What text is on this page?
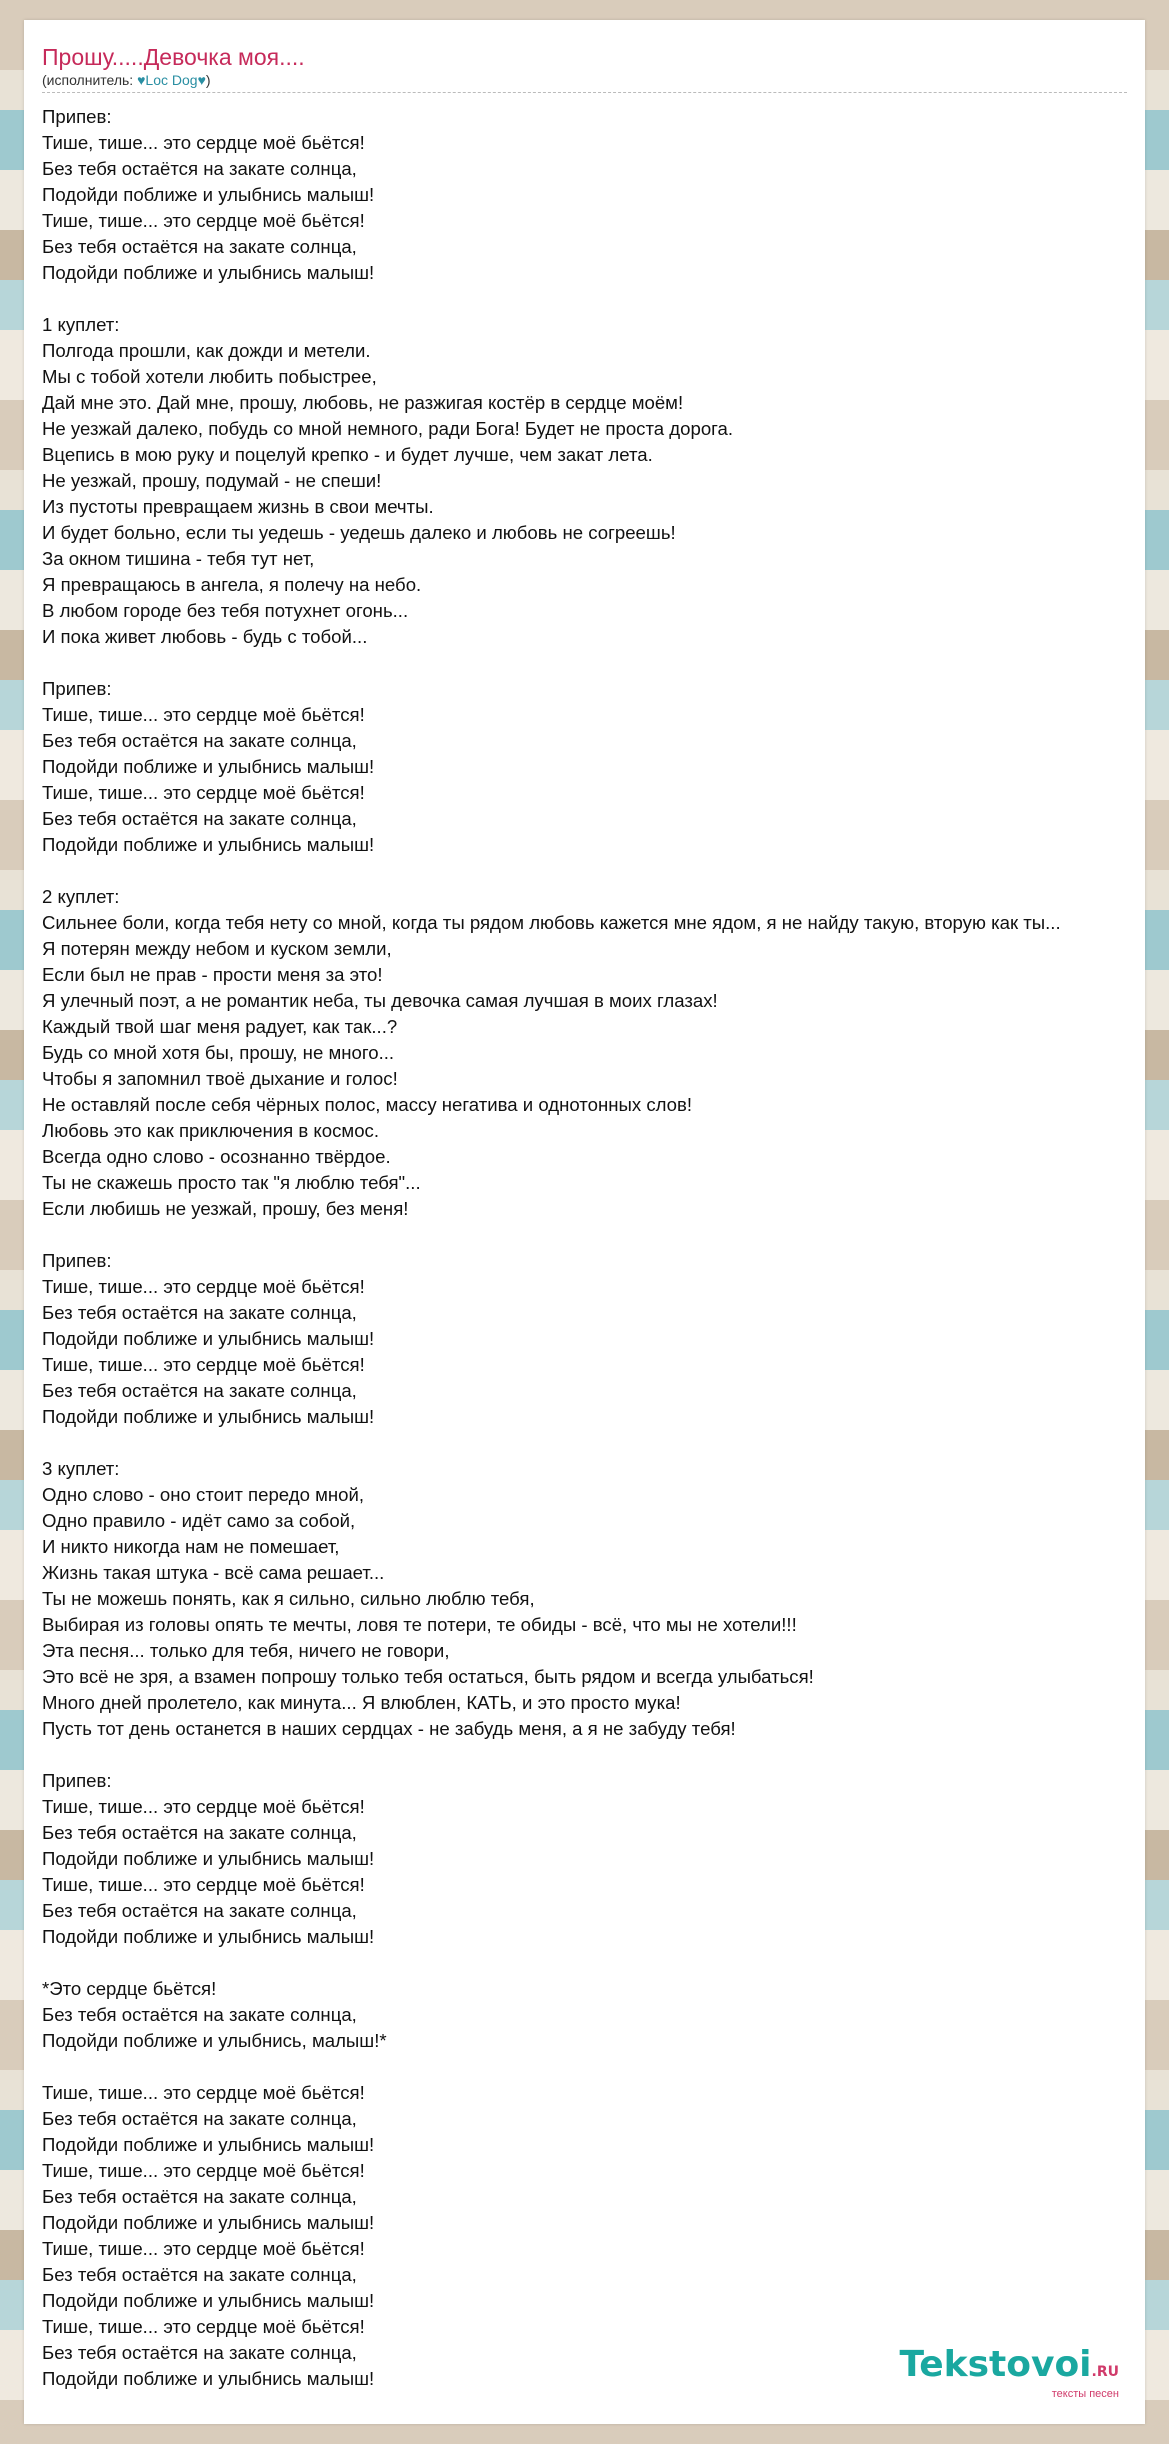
Прошу.....Девочка моя....
(исполнитель: ♥Loc Dog♥)
Припев:
Тише, тише... это сердце моё бьётся!
Без тебя остаётся на закате солнца,
Подойди поближе и улыбнись малыш!
Тише, тише... это сердце моё бьётся!
Без тебя остаётся на закате солнца,
Подойди поближе и улыбнись малыш!

1 куплет:
Полгода прошли, как дожди и метели.
Мы с тобой хотели любить побыстрее,
Дай мне это. Дай мне, прошу, любовь, не разжигая костёр в сердце моём!
Не уезжай далеко, побудь со мной немного, ради Бога! Будет не проста дорога.
Вцепись в мою руку и поцелуй крепко - и будет лучше, чем закат лета.
Не уезжай, прошу, подумай - не спеши!
Из пустоты превращаем жизнь в свои мечты.
И будет больно, если ты уедешь - уедешь далеко и любовь не согреешь!
За окном тишина - тебя тут нет,
Я превращаюсь в ангела, я полечу на небо.
В любом городе без тебя потухнет огонь...
И пока живет любовь - будь с тобой...

Припев:
Тише, тише... это сердце моё бьётся!
Без тебя остаётся на закате солнца,
Подойди поближе и улыбнись малыш!
Тише, тише... это сердце моё бьётся!
Без тебя остаётся на закате солнца,
Подойди поближе и улыбнись малыш!

2 куплет:
Сильнее боли, когда тебя нету со мной, когда ты рядом любовь кажется мне ядом, я не найду такую, вторую как ты...
Я потерян между небом и куском земли,
Если был не прав - прости меня за это!
Я улечный поэт, а не романтик неба, ты девочка самая лучшая в моих глазах!
Каждый твой шаг меня радует, как так...?
Будь со мной хотя бы, прошу, не много...
Чтобы я запомнил твоё дыхание и голос!
Не оставляй после себя чёрных полос, массу негатива и однотонных слов!
Любовь это как приключения в космос.
Всегда одно слово - осознанно твёрдое.
Ты не скажешь просто так "я люблю тебя"...
Если любишь не уезжай, прошу, без меня!

Припев:
Тише, тише... это сердце моё бьётся!
Без тебя остаётся на закате солнца,
Подойди поближе и улыбнись малыш!
Тише, тише... это сердце моё бьётся!
Без тебя остаётся на закате солнца,
Подойди поближе и улыбнись малыш!

3 куплет:
Одно слово - оно стоит передо мной,
Одно правило - идёт само за собой,
И никто никогда нам не помешает,
Жизнь такая штука - всё сама решает...
Ты не можешь понять, как я сильно, сильно люблю тебя,
Выбирая из головы опять те мечты, ловя те потери, те обиды - всё, что мы не хотели!!!
Эта песня... только для тебя, ничего не говори,
Это всё не зря, а взамен попрошу только тебя остаться, быть рядом и всегда улыбаться!
Много дней пролетело, как минута... Я влюблен, КАТЬ, и это просто мука!
Пусть тот день останется в наших сердцах - не забудь меня, а я не забуду тебя!

Припев:
Тише, тише... это сердце моё бьётся!
Без тебя остаётся на закате солнца,
Подойди поближе и улыбнись малыш!
Тише, тише... это сердце моё бьётся!
Без тебя остаётся на закате солнца,
Подойди поближе и улыбнись малыш!

*Это сердце бьётся!
Без тебя остаётся на закате солнца,
Подойди поближе и улыбнись, малыш!*

Тише, тише... это сердце моё бьётся!
Без тебя остаётся на закате солнца,
Подойди поближе и улыбнись малыш!
Тише, тише... это сердце моё бьётся!
Без тебя остаётся на закате солнца,
Подойди поближе и улыбнись малыш!
Тише, тише... это сердце моё бьётся!
Без тебя остаётся на закате солнца,
Подойди поближе и улыбнись малыш!
Тише, тише... это сердце моё бьётся!
Без тебя остаётся на закате солнца,
Подойди поближе и улыбнись малыш!	Tekstovoi.RU
тексты песен
